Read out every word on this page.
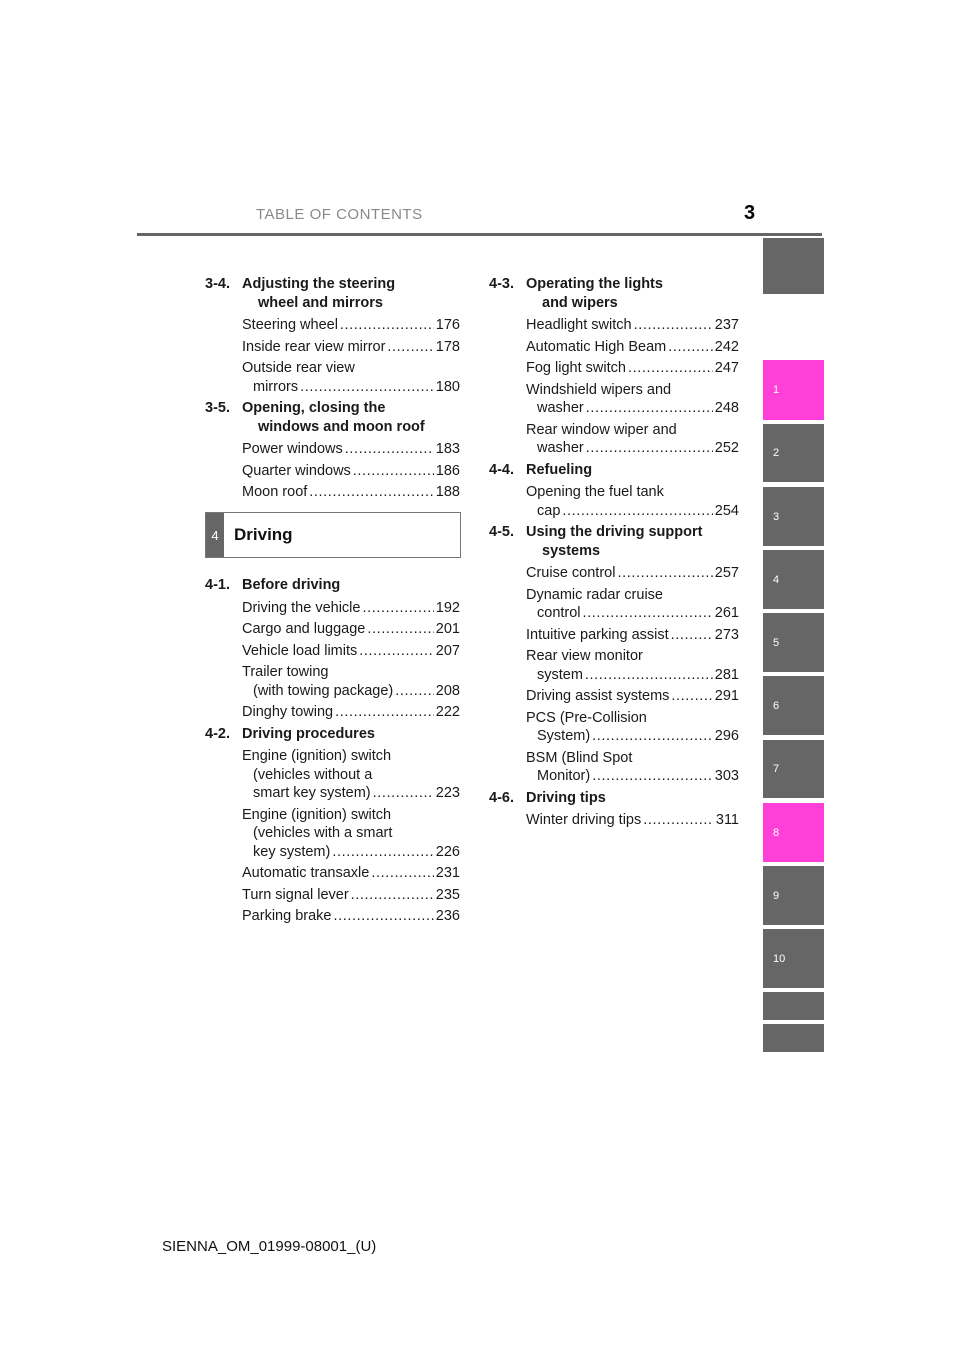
TABLE OF CONTENTS	3
3-4. Adjusting the steering
wheel and mirrors
Steering wheel .....	176
Inside rear view mirror .....	178
Outside rear view
mirrors .....	180
3-5. Opening, closing the
windows and moon roof
Power windows .....	183
Quarter windows .....	186
Moon roof .....	188
4 Driving
4-1. Before driving
Driving the vehicle .....	192
Cargo and luggage .....	201
Vehicle load limits .....	207
Trailer towing
(with towing package) .....	208
Dinghy towing .....	222
4-2. Driving procedures
Engine (ignition) switch
(vehicles without a
smart key system) .....	223
Engine (ignition) switch
(vehicles with a smart
key system) .....	226
Automatic transaxle .....	231
Turn signal lever .....	235
Parking brake .....	236
4-3. Operating the lights
and wipers
Headlight switch .....	237
Automatic High Beam .....	242
Fog light switch .....	247
Windshield wipers and
washer .....	248
Rear window wiper and
washer .....	252
4-4. Refueling
Opening the fuel tank
cap .....	254
4-5. Using the driving support
systems
Cruise control .....	257
Dynamic radar cruise
control .....	261
Intuitive parking assist .....	273
Rear view monitor
system .....	281
Driving assist systems .....	291
PCS (Pre-Collision
System) .....	296
BSM (Blind Spot
Monitor) .....	303
4-6. Driving tips
Winter driving tips .....	311
1
2
3
4
5
6
7
8
9
10
SIENNA_OM_01999-08001_(U)
